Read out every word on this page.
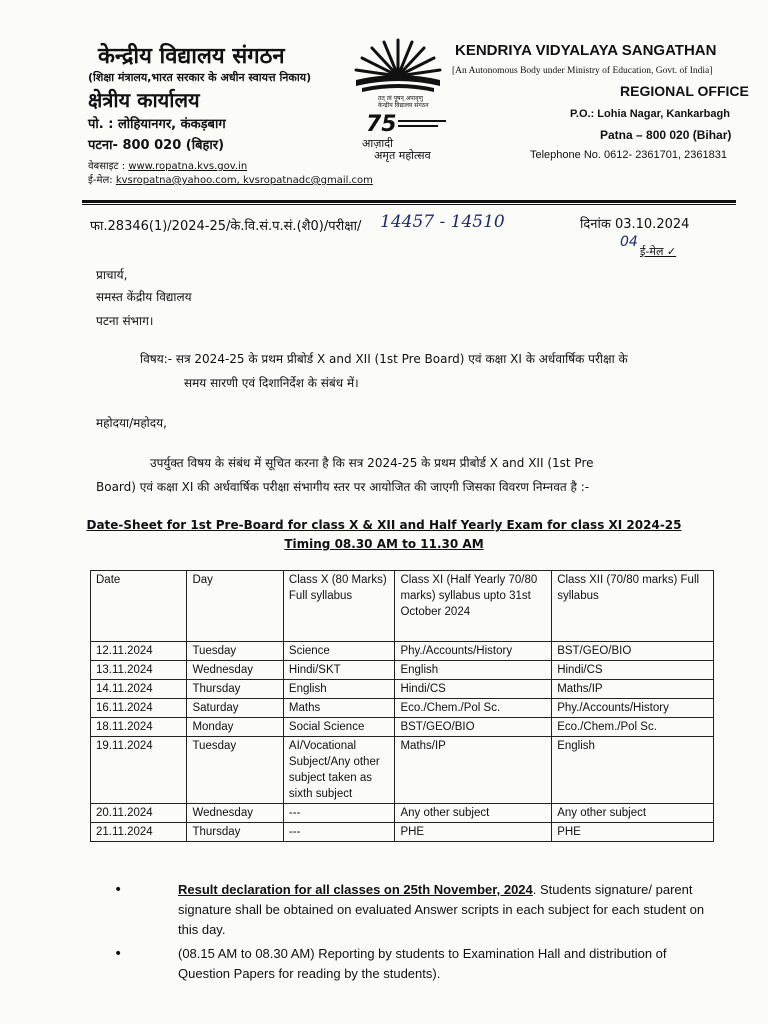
केन्द्रीय विद्यालय संगठन
(शिक्षा मंत्रालय,भारत सरकार के अधीन स्वायत्त निकाय)
क्षेत्रीय कार्यालय
पो. : लोहियानगर, कंकड़बाग
पटना- 800 020 (बिहार)
वेबसाइट : www.ropatna.kvs.gov.in
ई-मेल: kvsropatna@yahoo.com, kvsropatnadc@gmail.com
तत् त्वं पूषन् अपावृणु
केन्द्रीय विद्यालय संगठन
75
आज़ादी
अमृत महोत्सव
KENDRIYA VIDYALAYA SANGATHAN
[An Autonomous Body under Ministry of Education, Govt. of India]
REGIONAL OFFICE
P.O.: Lohia Nagar, Kankarbagh
Patna – 800 020 (Bihar)
Telephone No. 0612- 2361701, 2361831
फा.28346(1)/2024-25/के.वि.सं.प.सं.(शै0)/परीक्षा/ 14457 - 14510	दिनांक 03.10.2024
04
ई-मेल ✓
प्राचार्य,
समस्त केंद्रीय विद्यालय
पटना संभाग।
विषय:- सत्र 2024-25 के प्रथम प्रीबोर्ड X and XII (1st Pre Board) एवं कक्षा XI के अर्धवार्षिक परीक्षा के
समय सारणी एवं दिशानिर्देश के संबंध में।
महोदया/महोदय,
उपर्युक्त विषय के संबंध में सूचित करना है कि सत्र 2024-25 के प्रथम प्रीबोर्ड X and XII (1st Pre
Board) एवं कक्षा XI की अर्धवार्षिक परीक्षा संभागीय स्तर पर आयोजित की जाएगी जिसका विवरण निम्नवत है :-
Date-Sheet for 1st Pre-Board for class X & XII and Half Yearly Exam for class XI 2024-25
Timing 08.30 AM to 11.30 AM
Date	Day	Class X (80 Marks) Full syllabus	Class XI (Half Yearly 70/80 marks) syllabus upto 31st October 2024	Class XII (70/80 marks) Full syllabus
12.11.2024	Tuesday	Science	Phy./Accounts/History	BST/GEO/BIO
13.11.2024	Wednesday	Hindi/SKT	English	Hindi/CS
14.11.2024	Thursday	English	Hindi/CS	Maths/IP
16.11.2024	Saturday	Maths	Eco./Chem./Pol Sc.	Phy./Accounts/History
18.11.2024	Monday	Social Science	BST/GEO/BIO	Eco./Chem./Pol Sc.
19.11.2024	Tuesday	AI/Vocational Subject/Any other subject taken as sixth subject	Maths/IP	English
20.11.2024	Wednesday	---	Any other subject	Any other subject
21.11.2024	Thursday	---	PHE	PHE
•	Result declaration for all classes on 25th November, 2024. Students signature/ parent signature shall be obtained on evaluated Answer scripts in each subject for each student on this day.
•	(08.15 AM to 08.30 AM) Reporting by students to Examination Hall and distribution of Question Papers for reading by the students).
